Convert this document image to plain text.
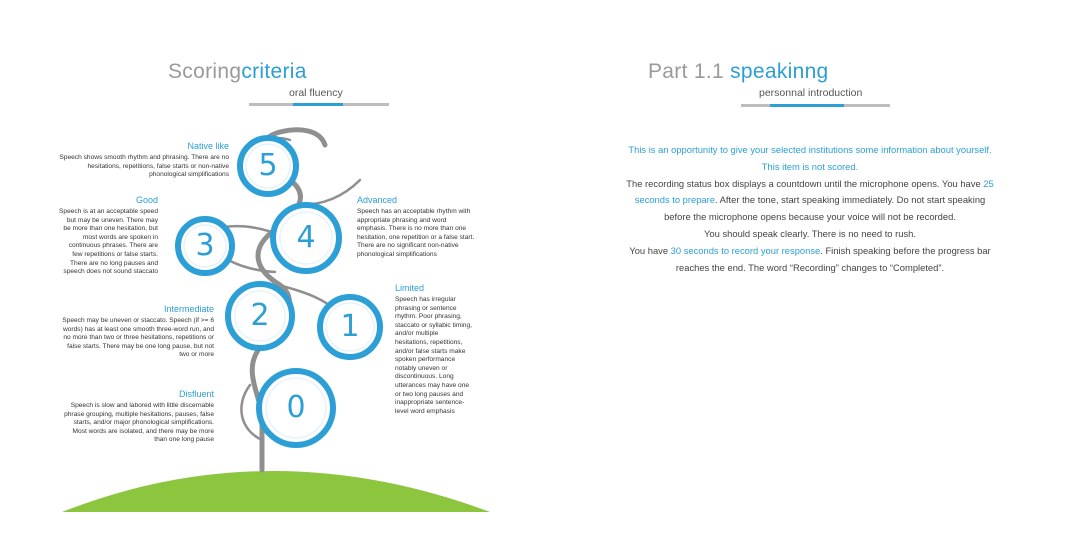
Scoringcriteria
oral fluency
5
4
3
2	1
0
Native like
Speech shows smooth rhythm and phrasing. There are no hesitations, repetitions, false starts or non-native phonological simplifications
Advanced
Speech has an acceptable rhythm with appropriate phrasing and word emphasis. There is no more than one hesitation, one repetition or a false start. There are no significant non-native phonological simplifications
Good
Speech is at an acceptable speed but may be uneven. There may be more than one hesitation, but most words are spoken in continuous phrases. There are few repetitions or false starts. There are no long pauses and speech does not sound staccato
Intermediate
Speech may be uneven or staccato. Speech (if >= 6 words) has at least one smooth three-word run, and no more than two or three hesitations, repetitions or false starts. There may be one long pause, but not two or more
Limited
Speech has irregular phrasing or sentence rhythm. Poor phrasing, staccato or syllabic timing, and/or multiple hesitations, repetitions, and/or false starts make spoken performance notably uneven or discontinuous. Long utterances may have one or two long pauses and inappropriate sentence- level word emphasis
Disfluent
Speech is slow and labored with little discernable phrase grouping, multiple hesitations, pauses, false starts, and/or major phonological simplifications. Most words are isolated, and there may be more than one long pause
Part 1.1 speakinng
personnal introduction
This is an opportunity to give your selected institutions some information about yourself.
This item is not scored.
The recording status box displays a countdown until the microphone opens. You have 25
seconds to prepare. After the tone, start speaking immediately. Do not start speaking
before the microphone opens because your voice will not be recorded.
You should speak clearly. There is no need to rush.
You have 30 seconds to record your response. Finish speaking before the progress bar
reaches the end. The word “Recording” changes to “Completed”.
